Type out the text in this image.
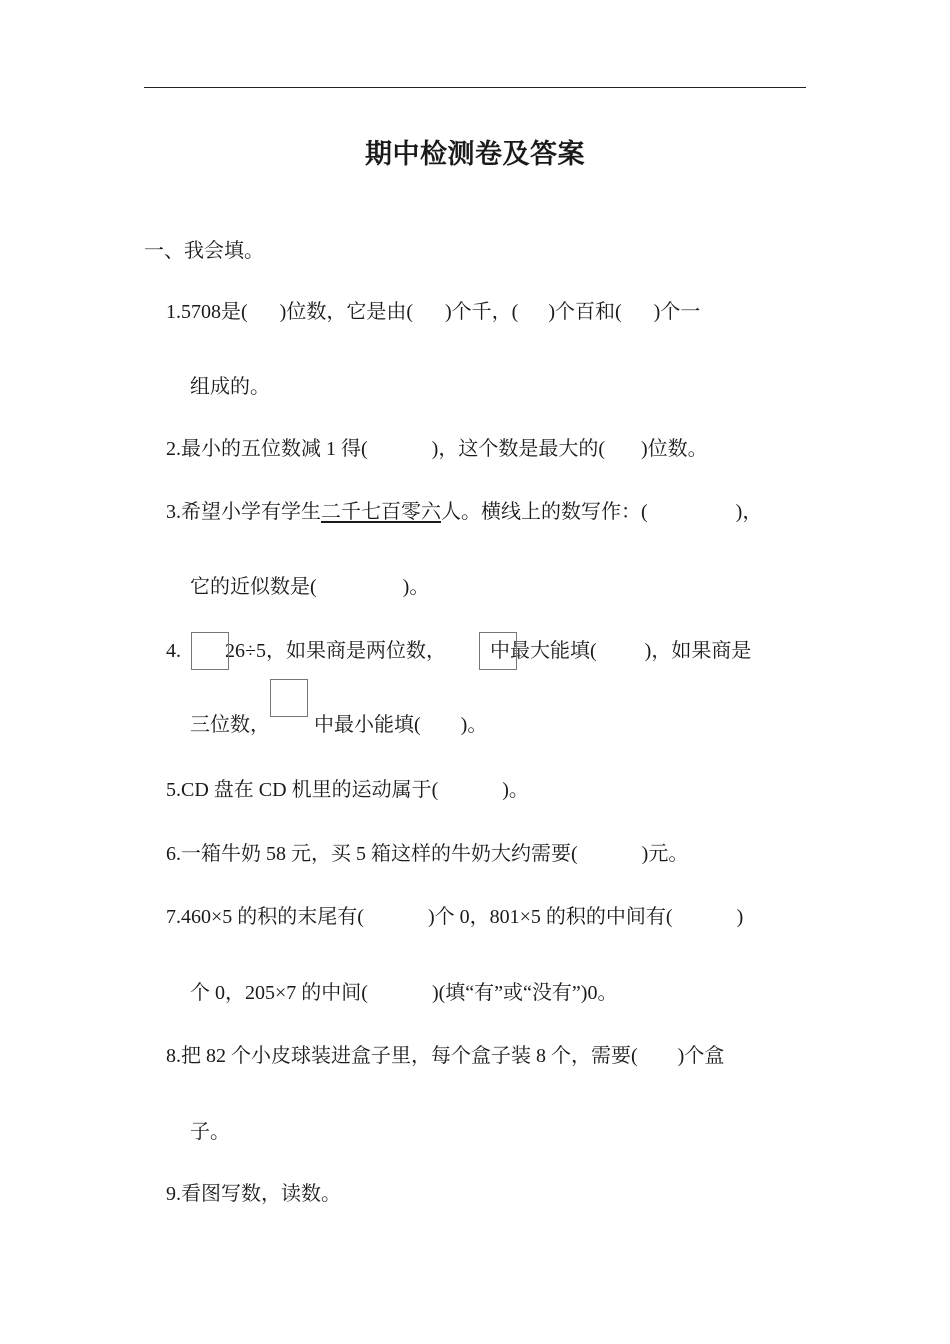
期中检测卷及答案
一、我会填。
1.5708是( )位数，它是由( )个千，( )个百和( )个一
组成的。
2.最小的五位数减 1 得(	)，这个数是最大的( )位数。
3.希望小学有学生二千七百零六人。横线上的数写作：(	)，
它的近似数是(	)。
4. 26÷5，如果商是两位数， 中最大能填( )，如果商是
三位数， 中最小能填( )。
5.CD 盘在 CD 机里的运动属于(	)。
6.一箱牛奶 58 元，买 5 箱这样的牛奶大约需要(	)元。
7.460×5 的积的末尾有(	)个 0，801×5 的积的中间有(	)
个 0，205×7 的中间(	)(填“有”或“没有”)0。
8.把 82 个小皮球装进盒子里，每个盒子装 8 个，需要( )个盒
子。
9.看图写数，读数。
